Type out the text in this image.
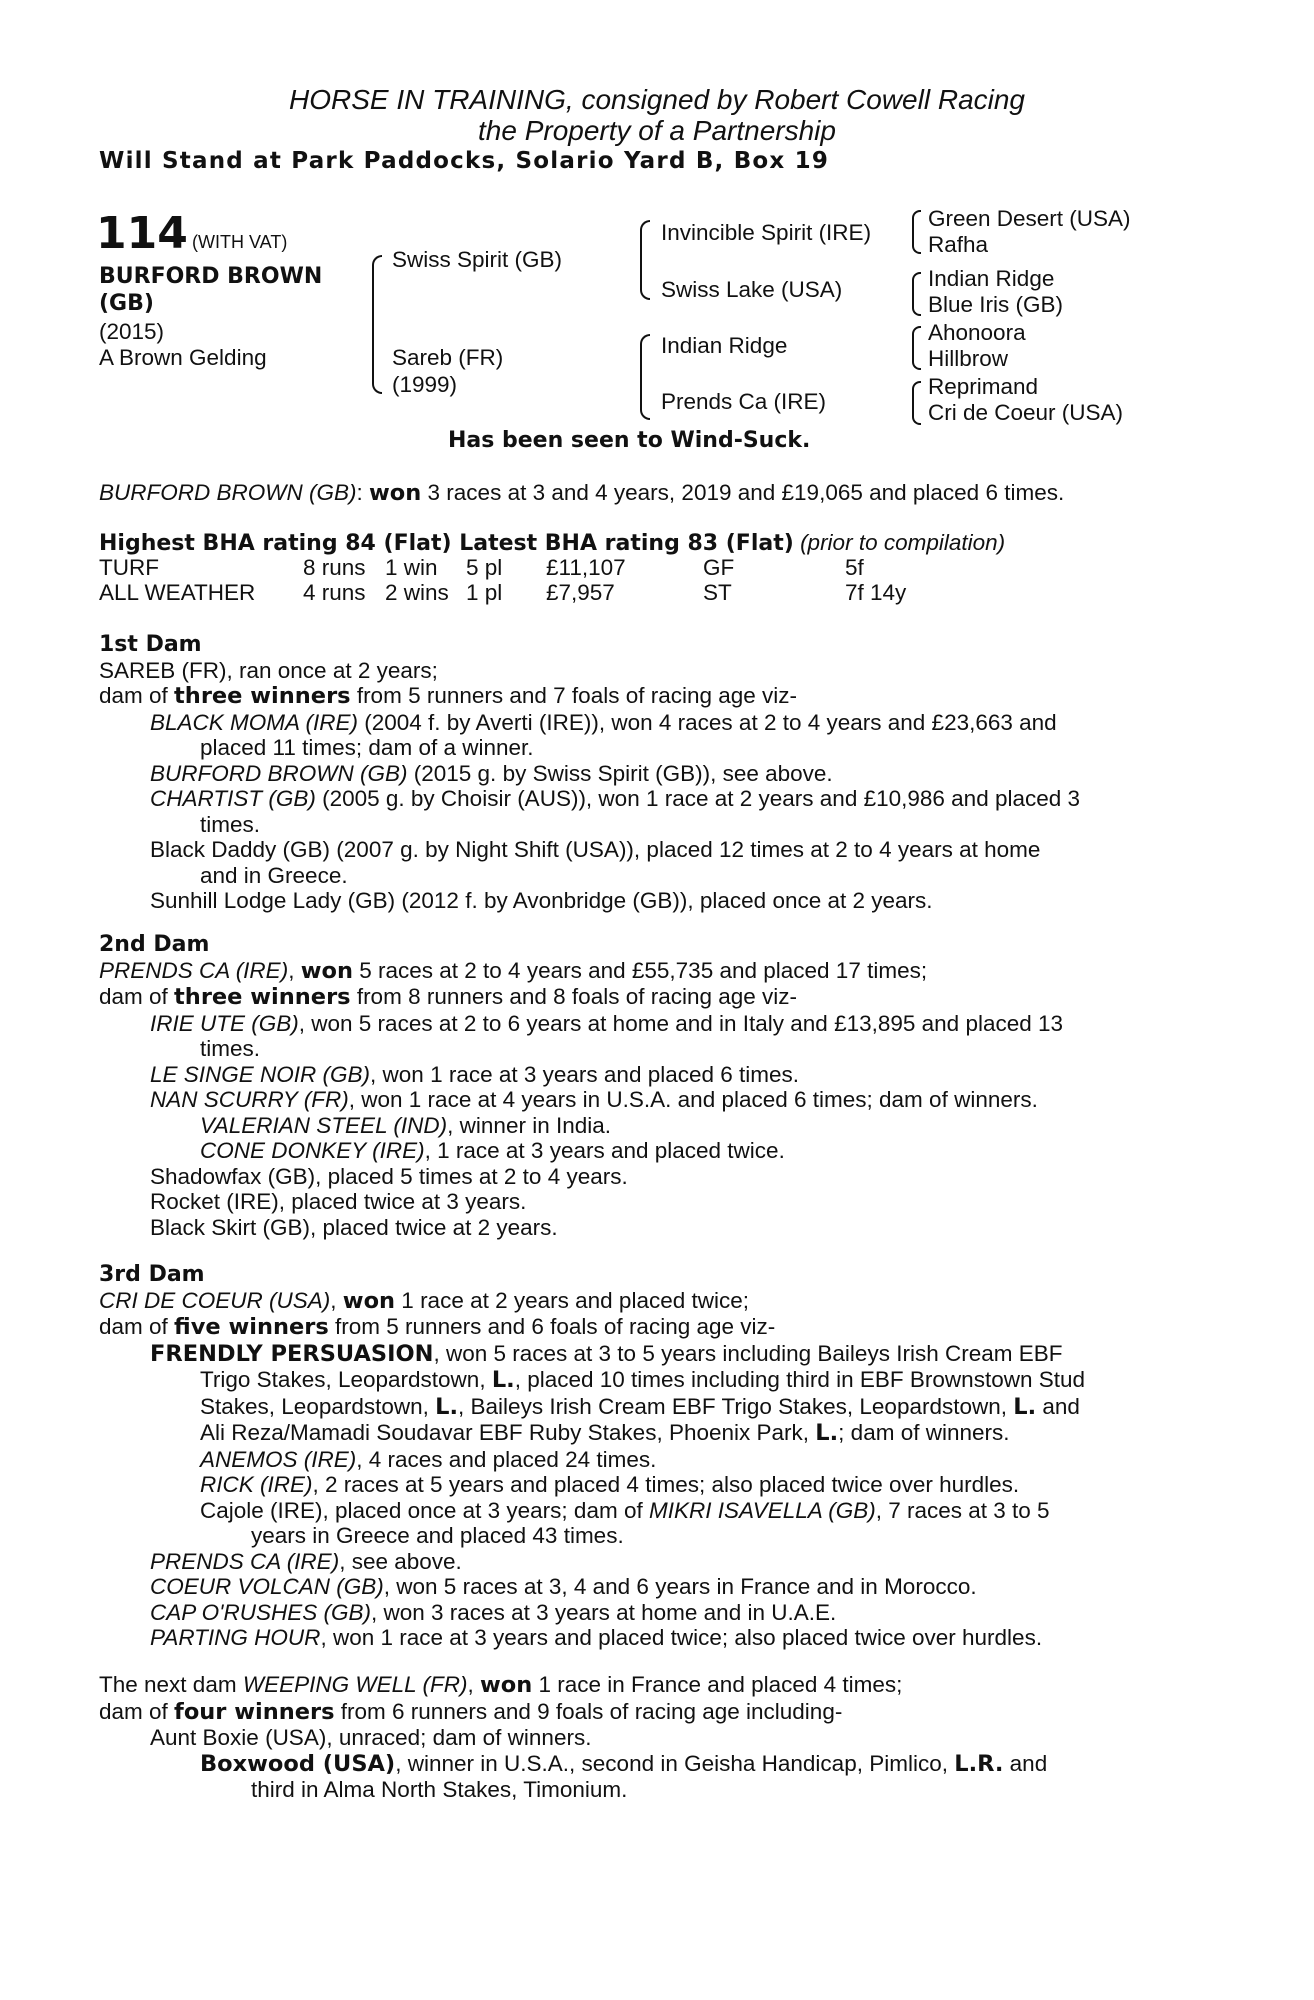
HORSE IN TRAINING, consigned by Robert Cowell Racing
the Property of a Partnership
Will Stand at Park Paddocks, Solario Yard B, Box 19
114 (WITH VAT)
BURFORD BROWN
(GB)
(2015)
A Brown Gelding
Swiss Spirit (GB)
Sareb (FR)
(1999)
Invincible Spirit (IRE)
Swiss Lake (USA)
Indian Ridge
Prends Ca (IRE)
Green Desert (USA)
Rafha
Indian Ridge
Blue Iris (GB)
Ahonoora
Hillbrow
Reprimand
Cri de Coeur (USA)
Has been seen to Wind-Suck.
BURFORD BROWN (GB): won 3 races at 3 and 4 years, 2019 and £19,065 and placed 6 times.
Highest BHA rating 84 (Flat) Latest BHA rating 83 (Flat) (prior to compilation)
TURF	8 runs 1 win 5 pl £11,107	GF	5f
ALL WEATHER 4 runs 2 wins 1 pl £7,957	ST	7f 14y
1st Dam
SAREB (FR), ran once at 2 years;
dam of three winners from 5 runners and 7 foals of racing age viz-
BLACK MOMA (IRE) (2004 f. by Averti (IRE)), won 4 races at 2 to 4 years and £23,663 and
placed 11 times; dam of a winner.
BURFORD BROWN (GB) (2015 g. by Swiss Spirit (GB)), see above.
CHARTIST (GB) (2005 g. by Choisir (AUS)), won 1 race at 2 years and £10,986 and placed 3
times.
Black Daddy (GB) (2007 g. by Night Shift (USA)), placed 12 times at 2 to 4 years at home
and in Greece.
Sunhill Lodge Lady (GB) (2012 f. by Avonbridge (GB)), placed once at 2 years.
2nd Dam
PRENDS CA (IRE), won 5 races at 2 to 4 years and £55,735 and placed 17 times;
dam of three winners from 8 runners and 8 foals of racing age viz-
IRIE UTE (GB), won 5 races at 2 to 6 years at home and in Italy and £13,895 and placed 13
times.
LE SINGE NOIR (GB), won 1 race at 3 years and placed 6 times.
NAN SCURRY (FR), won 1 race at 4 years in U.S.A. and placed 6 times; dam of winners.
VALERIAN STEEL (IND), winner in India.
CONE DONKEY (IRE), 1 race at 3 years and placed twice.
Shadowfax (GB), placed 5 times at 2 to 4 years.
Rocket (IRE), placed twice at 3 years.
Black Skirt (GB), placed twice at 2 years.
3rd Dam
CRI DE COEUR (USA), won 1 race at 2 years and placed twice;
dam of five winners from 5 runners and 6 foals of racing age viz-
FRENDLY PERSUASION, won 5 races at 3 to 5 years including Baileys Irish Cream EBF
Trigo Stakes, Leopardstown, L., placed 10 times including third in EBF Brownstown Stud
Stakes, Leopardstown, L., Baileys Irish Cream EBF Trigo Stakes, Leopardstown, L. and
Ali Reza/Mamadi Soudavar EBF Ruby Stakes, Phoenix Park, L.; dam of winners.
ANEMOS (IRE), 4 races and placed 24 times.
RICK (IRE), 2 races at 5 years and placed 4 times; also placed twice over hurdles.
Cajole (IRE), placed once at 3 years; dam of MIKRI ISAVELLA (GB), 7 races at 3 to 5
years in Greece and placed 43 times.
PRENDS CA (IRE), see above.
COEUR VOLCAN (GB), won 5 races at 3, 4 and 6 years in France and in Morocco.
CAP O'RUSHES (GB), won 3 races at 3 years at home and in U.A.E.
PARTING HOUR, won 1 race at 3 years and placed twice; also placed twice over hurdles.
The next dam WEEPING WELL (FR), won 1 race in France and placed 4 times;
dam of four winners from 6 runners and 9 foals of racing age including-
Aunt Boxie (USA), unraced; dam of winners.
Boxwood (USA), winner in U.S.A., second in Geisha Handicap, Pimlico, L.R. and
third in Alma North Stakes, Timonium.
